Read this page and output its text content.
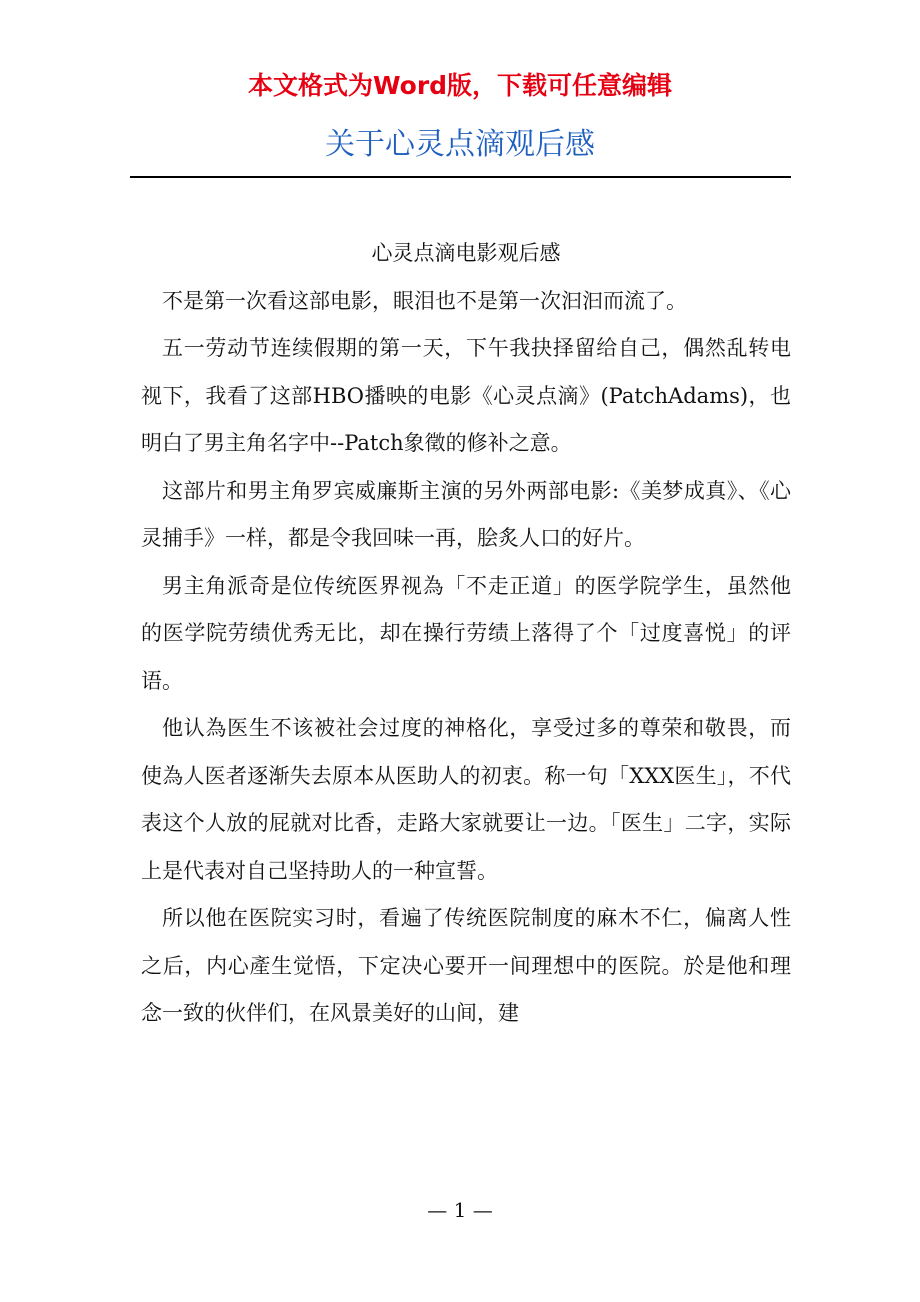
本文格式为Word版，下载可任意编辑
关于心灵点滴观后感

心灵点滴电影观后感

不是第一次看这部电影，眼泪也不是第一次汩汩而流了。

五一劳动节连续假期的第一天，下午我抉择留给自己，偶然乱转电视下，我看了这部HBO播映的电影《心灵点滴》(PatchAdams)，也明白了男主角名字中--Patch象徵的修补之意。

这部片和男主角罗宾威廉斯主演的另外两部电影:《美梦成真》、《心灵捕手》一样，都是令我回味一再，脍炙人口的好片。

男主角派奇是位传统医界视為「不走正道」的医学院学生，虽然他的医学院劳绩优秀无比，却在操行劳绩上落得了个「过度喜悦」的评语。

他认為医生不该被社会过度的神格化，享受过多的尊荣和敬畏，而使為人医者逐渐失去原本从医助人的初衷。称一句「XXX医生」，不代表这个人放的屁就对比香，走路大家就要让一边。「医生」二字，实际上是代表对自己坚持助人的一种宣誓。

所以他在医院实习时，看遍了传统医院制度的麻木不仁，偏离人性之后，内心產生觉悟，下定决心要开一间理想中的医院。於是他和理念一致的伙伴们，在风景美好的山间，建

— 1 —
